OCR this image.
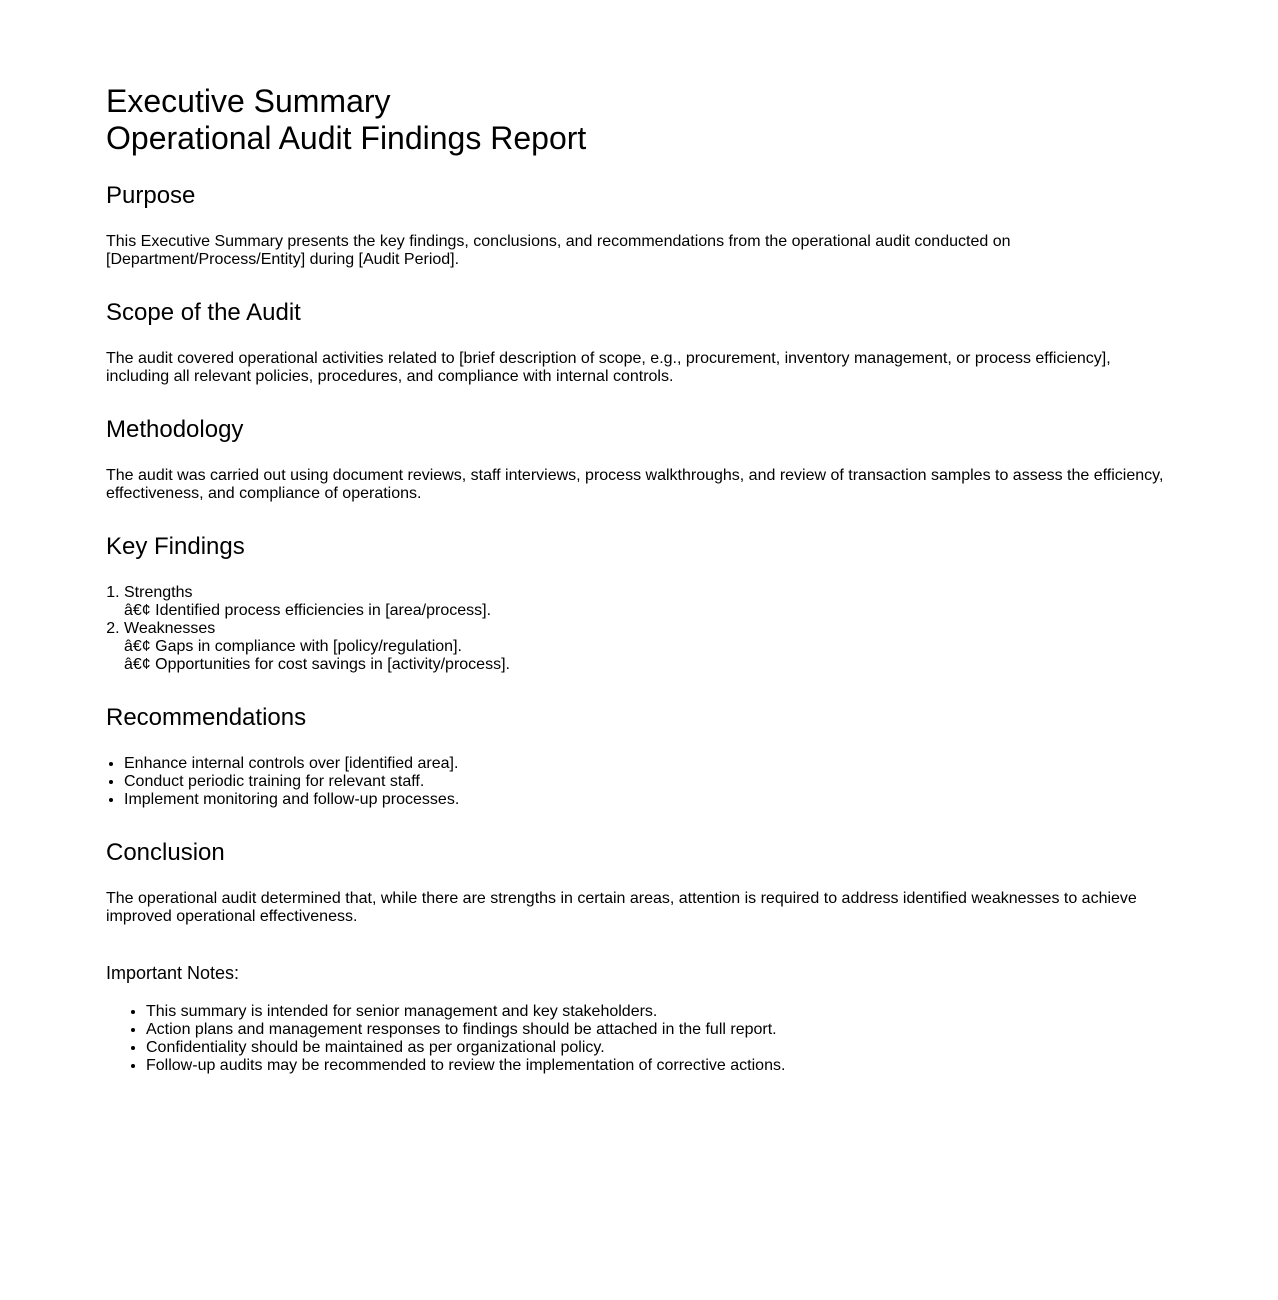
Executive Summary
Operational Audit Findings Report
Purpose

This Executive Summary presents the key findings, conclusions, and recommendations from the operational audit conducted on [Department/Process/Entity] during [Audit Period].

Scope of the Audit

The audit covered operational activities related to [brief description of scope, e.g., procurement, inventory management, or process efficiency], including all relevant policies, procedures, and compliance with internal controls.

Methodology

The audit was carried out using document reviews, staff interviews, process walkthroughs, and review of transaction samples to assess the efficiency, effectiveness, and compliance of operations.

Key Findings
1. Strengths
â€¢ Identified process efficiencies in [area/process].
2. Weaknesses
â€¢ Gaps in compliance with [policy/regulation].
â€¢ Opportunities for cost savings in [activity/process].
Recommendations
• Enhance internal controls over [identified area].
• Conduct periodic training for relevant staff.
• Implement monitoring and follow-up processes.
Conclusion

The operational audit determined that, while there are strengths in certain areas, attention is required to address identified weaknesses to achieve improved operational effectiveness.

Important Notes:
• This summary is intended for senior management and key stakeholders.
• Action plans and management responses to findings should be attached in the full report.
• Confidentiality should be maintained as per organizational policy.
• Follow-up audits may be recommended to review the implementation of corrective actions.
